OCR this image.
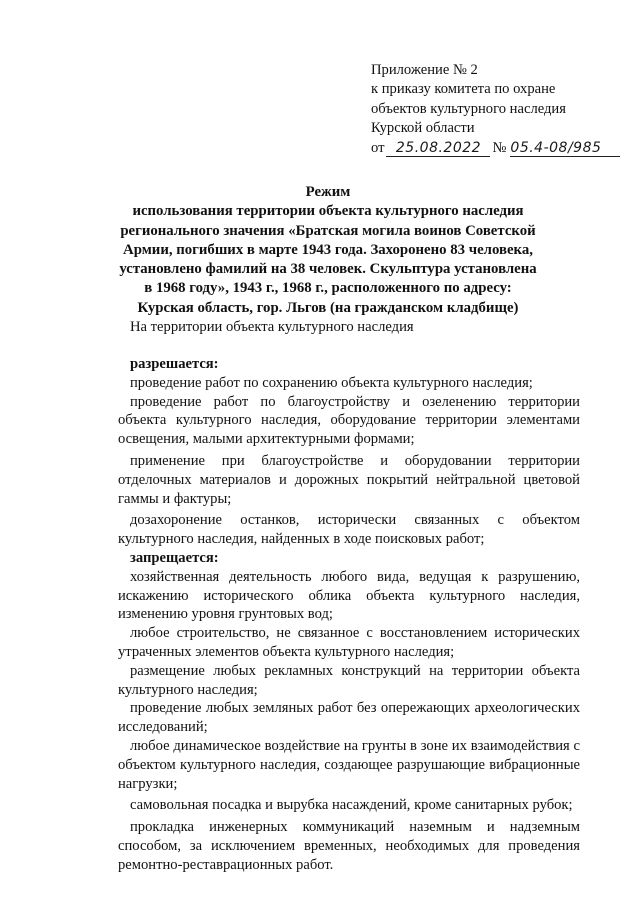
Приложение № 2
к приказу комитета по охране
объектов культурного наследия
Курской области
от 25.08.2022 № 05.4-08/985
Режим
использования территории объекта культурного наследия
регионального значения «Братская могила воинов Советской
Армии, погибших в марте 1943 года. Захоронено 83 человека,
установлено фамилий на 38 человек. Скульптура установлена
в 1968 году», 1943 г., 1968 г., расположенного по адресу:
Курская область, гор. Льгов (на гражданском кладбище)
На территории объекта культурного наследия
разрешается:

проведение работ по сохранению объекта культурного наследия;

проведение работ по благоустройству и озеленению территории объекта культурного наследия, оборудование территории элементами освещения, малыми архитектурными формами;

применение при благоустройстве и оборудовании территории отделочных материалов и дорожных покрытий нейтральной цветовой гаммы и фактуры;

дозахоронение останков, исторически связанных с объектом культурного наследия, найденных в ходе поисковых работ;

запрещается:

хозяйственная деятельность любого вида, ведущая к разрушению, искажению исторического облика объекта культурного наследия, изменению уровня грунтовых вод;

любое строительство, не связанное с восстановлением исторических утраченных элементов объекта культурного наследия;

размещение любых рекламных конструкций на территории объекта культурного наследия;

проведение любых земляных работ без опережающих археологических исследований;

любое динамическое воздействие на грунты в зоне их взаимодействия с объектом культурного наследия, создающее разрушающие вибрационные нагрузки;

самовольная посадка и вырубка насаждений, кроме санитарных рубок;

прокладка инженерных коммуникаций наземным и надземным способом, за исключением временных, необходимых для проведения ремонтно-реставрационных работ.
